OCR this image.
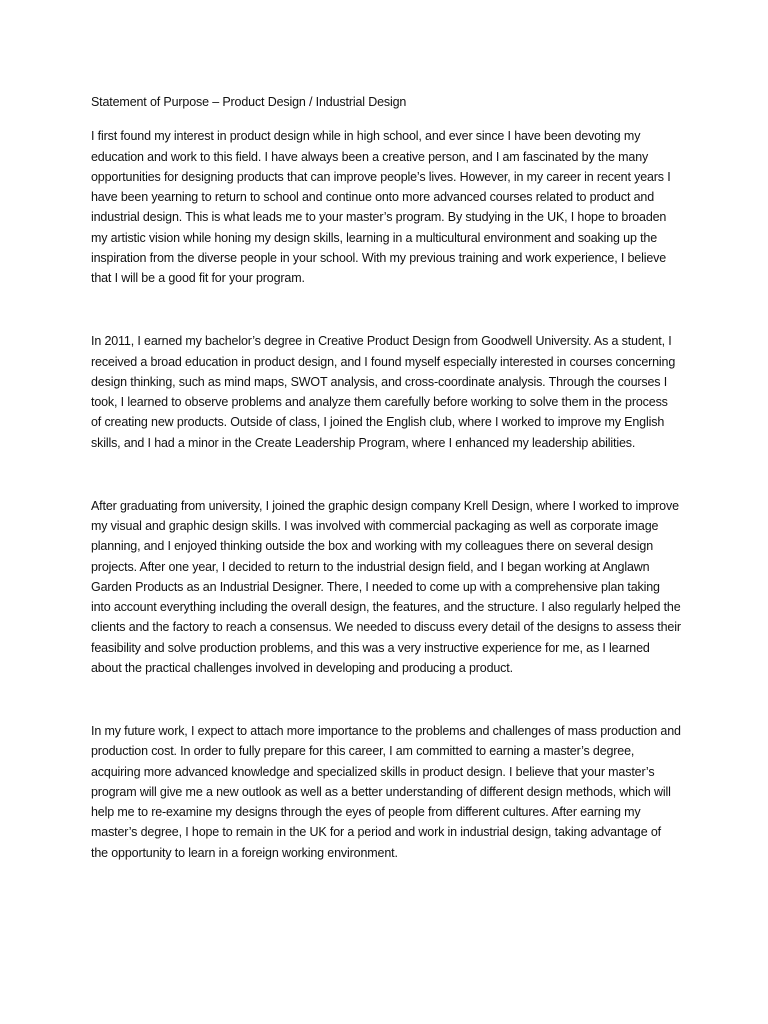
Statement of Purpose – Product Design / Industrial Design

I first found my interest in product design while in high school, and ever since I have been devoting my education and work to this field. I have always been a creative person, and I am fascinated by the many opportunities for designing products that can improve people’s lives. However, in my career in recent years I have been yearning to return to school and continue onto more advanced courses related to product and industrial design. This is what leads me to your master’s program. By studying in the UK, I hope to broaden my artistic vision while honing my design skills, learning in a multicultural environment and soaking up the inspiration from the diverse people in your school. With my previous training and work experience, I believe that I will be a good fit for your program.

In 2011, I earned my bachelor’s degree in Creative Product Design from Goodwell University. As a student, I received a broad education in product design, and I found myself especially interested in courses concerning design thinking, such as mind maps, SWOT analysis, and cross-coordinate analysis. Through the courses I took, I learned to observe problems and analyze them carefully before working to solve them in the process of creating new products. Outside of class, I joined the English club, where I worked to improve my English skills, and I had a minor in the Create Leadership Program, where I enhanced my leadership abilities.

After graduating from university, I joined the graphic design company Krell Design, where I worked to improve my visual and graphic design skills. I was involved with commercial packaging as well as corporate image planning, and I enjoyed thinking outside the box and working with my colleagues there on several design projects. After one year, I decided to return to the industrial design field, and I began working at Anglawn Garden Products as an Industrial Designer. There, I needed to come up with a comprehensive plan taking into account everything including the overall design, the features, and the structure. I also regularly helped the clients and the factory to reach a consensus. We needed to discuss every detail of the designs to assess their feasibility and solve production problems, and this was a very instructive experience for me, as I learned about the practical challenges involved in developing and producing a product.

In my future work, I expect to attach more importance to the problems and challenges of mass production and production cost. In order to fully prepare for this career, I am committed to earning a master’s degree, acquiring more advanced knowledge and specialized skills in product design. I believe that your master’s program will give me a new outlook as well as a better understanding of different design methods, which will help me to re-examine my designs through the eyes of people from different cultures. After earning my master’s degree, I hope to remain in the UK for a period and work in industrial design, taking advantage of the opportunity to learn in a foreign working environment.
